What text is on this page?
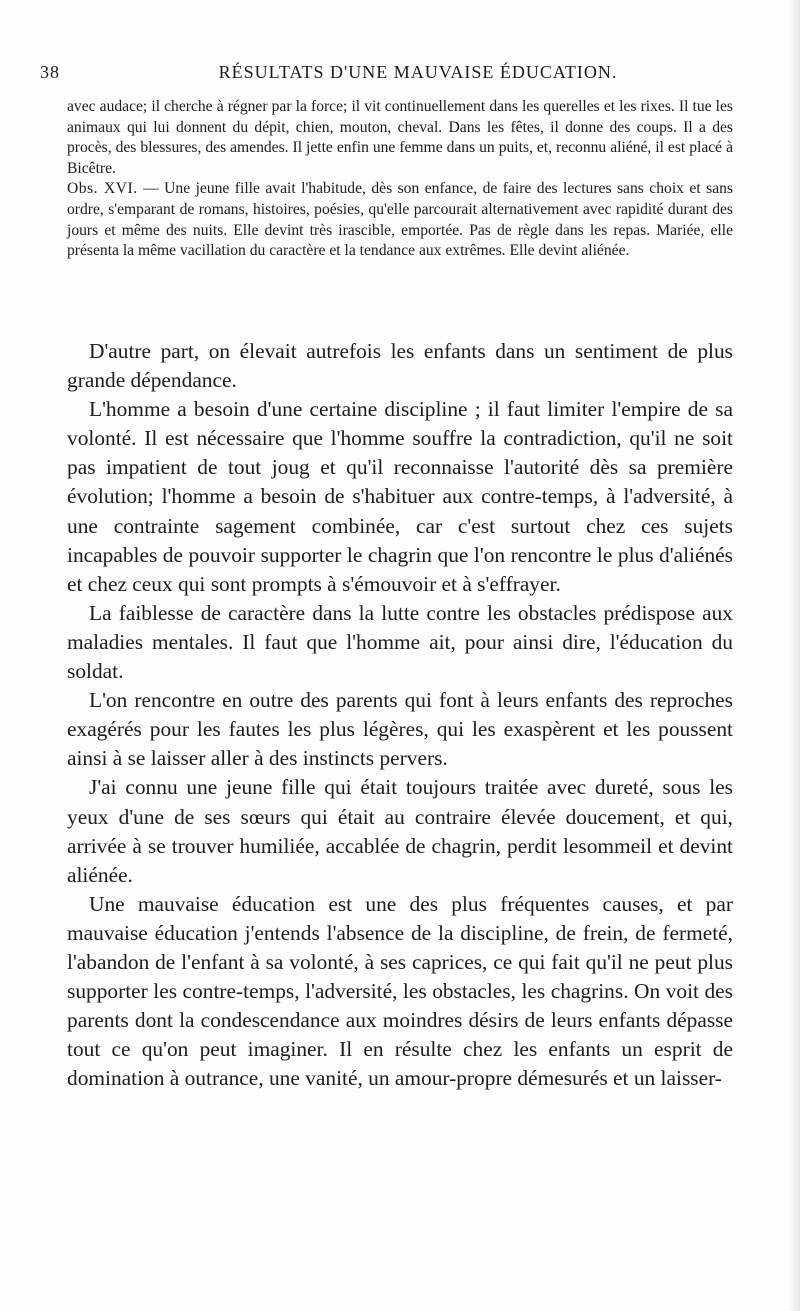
38	RÉSULTATS D'UNE MAUVAISE ÉDUCATION.

avec audace; il cherche à régner par la force; il vit continuellement dans les querelles et les rixes. Il tue les animaux qui lui donnent du dépit, chien, mouton, cheval. Dans les fêtes, il donne des coups. Il a des procès, des blessures, des amendes. Il jette enfin une femme dans un puits, et, reconnu aliéné, il est placé à Bicêtre.

Obs. XVI. — Une jeune fille avait l'habitude, dès son enfance, de faire des lectures sans choix et sans ordre, s'emparant de romans, histoires, poésies, qu'elle parcourait alternativement avec rapidité durant des jours et même des nuits. Elle devint très irascible, emportée. Pas de règle dans les repas. Mariée, elle présenta la même vacillation du caractère et la tendance aux extrêmes. Elle devint aliénée.

D'autre part, on élevait autrefois les enfants dans un sentiment de plus grande dépendance.

L'homme a besoin d'une certaine discipline ; il faut limiter l'empire de sa volonté. Il est nécessaire que l'homme souffre la contradiction, qu'il ne soit pas impatient de tout joug et qu'il reconnaisse l'autorité dès sa première évolution; l'homme a besoin de s'habituer aux contre-temps, à l'adversité, à une contrainte sagement combinée, car c'est surtout chez ces sujets incapables de pouvoir supporter le chagrin que l'on rencontre le plus d'aliénés et chez ceux qui sont prompts à s'émouvoir et à s'effrayer.

La faiblesse de caractère dans la lutte contre les obstacles prédispose aux maladies mentales. Il faut que l'homme ait, pour ainsi dire, l'éducation du soldat.

L'on rencontre en outre des parents qui font à leurs enfants des reproches exagérés pour les fautes les plus légères, qui les exaspèrent et les poussent ainsi à se laisser aller à des instincts pervers.

J'ai connu une jeune fille qui était toujours traitée avec dureté, sous les yeux d'une de ses sœurs qui était au contraire élevée doucement, et qui, arrivée à se trouver humiliée, accablée de chagrin, perdit lesommeil et devint aliénée.

Une mauvaise éducation est une des plus fréquentes causes, et par mauvaise éducation j'entends l'absence de la discipline, de frein, de fermeté, l'abandon de l'enfant à sa volonté, à ses caprices, ce qui fait qu'il ne peut plus supporter les contre-temps, l'adversité, les obstacles, les chagrins. On voit des parents dont la condescendance aux moindres désirs de leurs enfants dépasse tout ce qu'on peut imaginer. Il en résulte chez les enfants un esprit de domination à outrance, une vanité, un amour-propre démesurés et un laisser-
